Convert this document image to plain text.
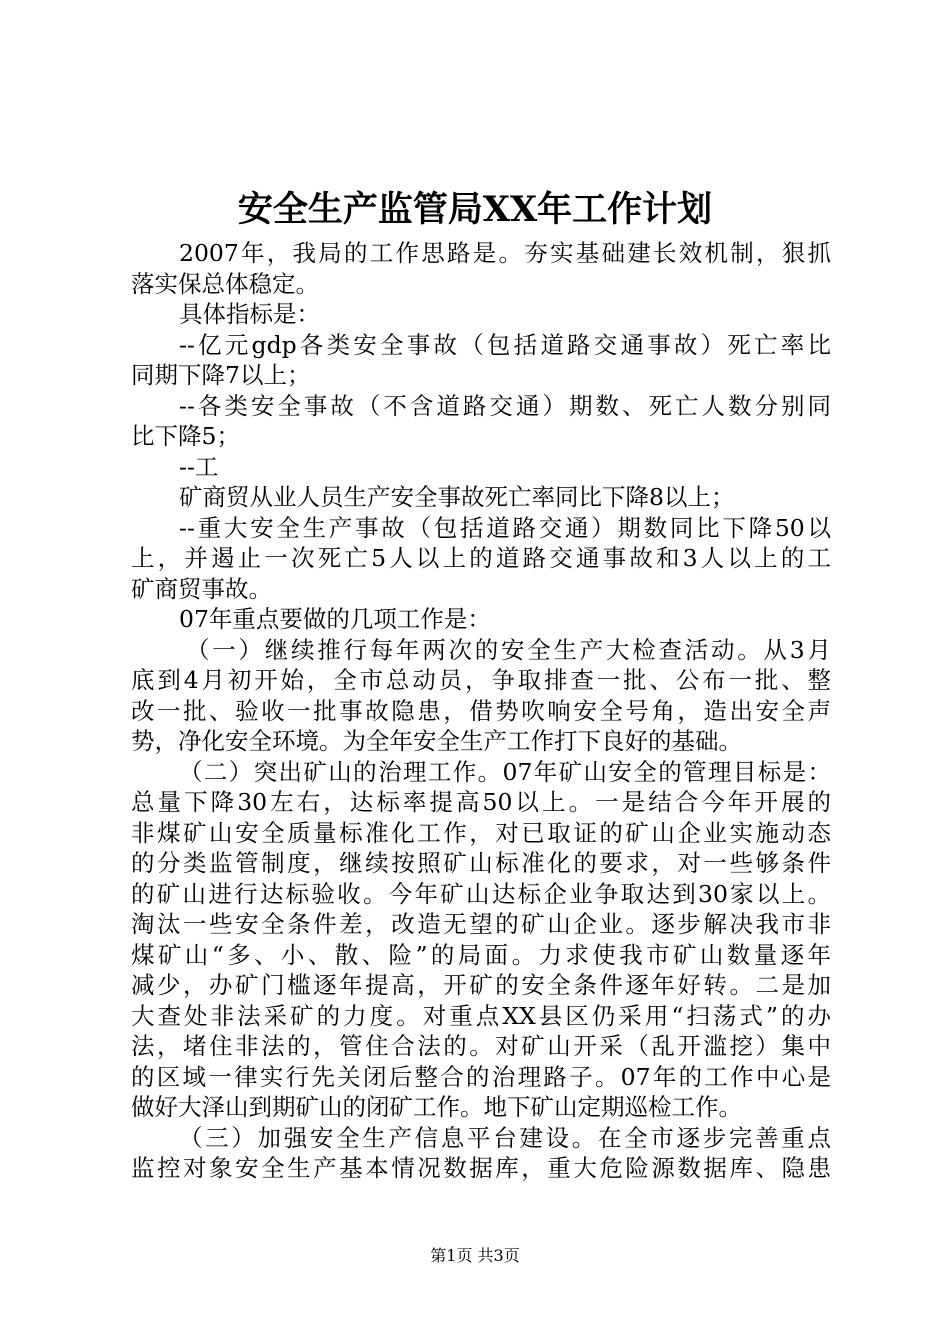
安全生产监管局XX年工作计划
2007年，我局的工作思路是。夯实基础建长效机制，狠抓
落实保总体稳定。
具体指标是：
--亿元gdp各类安全事故（包括道路交通事故）死亡率比
同期下降7以上；
--各类安全事故（不含道路交通）期数、死亡人数分别同
比下降5；
--工
矿商贸从业人员生产安全事故死亡率同比下降8以上；
--重大安全生产事故（包括道路交通）期数同比下降50以
上，并遏止一次死亡5人以上的道路交通事故和3人以上的工
矿商贸事故。
07年重点要做的几项工作是：
（一）继续推行每年两次的安全生产大检查活动。从3月
底到4月初开始，全市总动员，争取排查一批、公布一批、整
改一批、验收一批事故隐患，借势吹响安全号角，造出安全声
势，净化安全环境。为全年安全生产工作打下良好的基础。
（二）突出矿山的治理工作。07年矿山安全的管理目标是：
总量下降30左右，达标率提高50以上。一是结合今年开展的
非煤矿山安全质量标准化工作，对已取证的矿山企业实施动态
的分类监管制度，继续按照矿山标准化的要求，对一些够条件
的矿山进行达标验收。今年矿山达标企业争取达到30家以上。
淘汰一些安全条件差，改造无望的矿山企业。逐步解决我市非
煤矿山“多、小、散、险”的局面。力求使我市矿山数量逐年
减少，办矿门槛逐年提高，开矿的安全条件逐年好转。二是加
大查处非法采矿的力度。对重点XX县区仍采用“扫荡式”的办
法，堵住非法的，管住合法的。对矿山开采（乱开滥挖）集中
的区域一律实行先关闭后整合的治理路子。07年的工作中心是
做好大泽山到期矿山的闭矿工作。地下矿山定期巡检工作。
（三）加强安全生产信息平台建设。在全市逐步完善重点
监控对象安全生产基本情况数据库，重大危险源数据库、隐患
第1页 共3页
